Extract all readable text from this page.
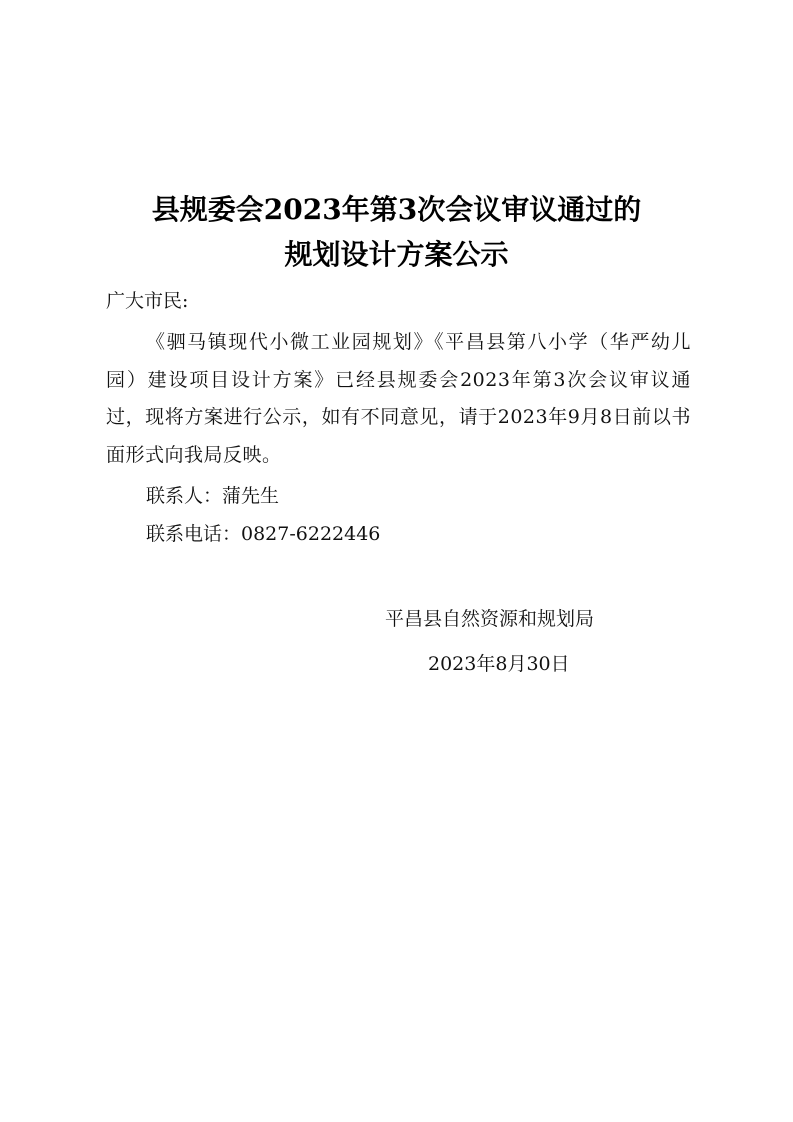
县规委会2023年第3次会议审议通过的
规划设计方案公示
广大市民:
《驷马镇现代小微工业园规划》《平昌县第八小学（华严幼儿园）建设项目设计方案》已经县规委会2023年第3次会议审议通过，现将方案进行公示，如有不同意见，请于2023年9月8日前以书面形式向我局反映。
联系人：蒲先生
联系电话：0827-6222446
平昌县自然资源和规划局
2023年8月30日
